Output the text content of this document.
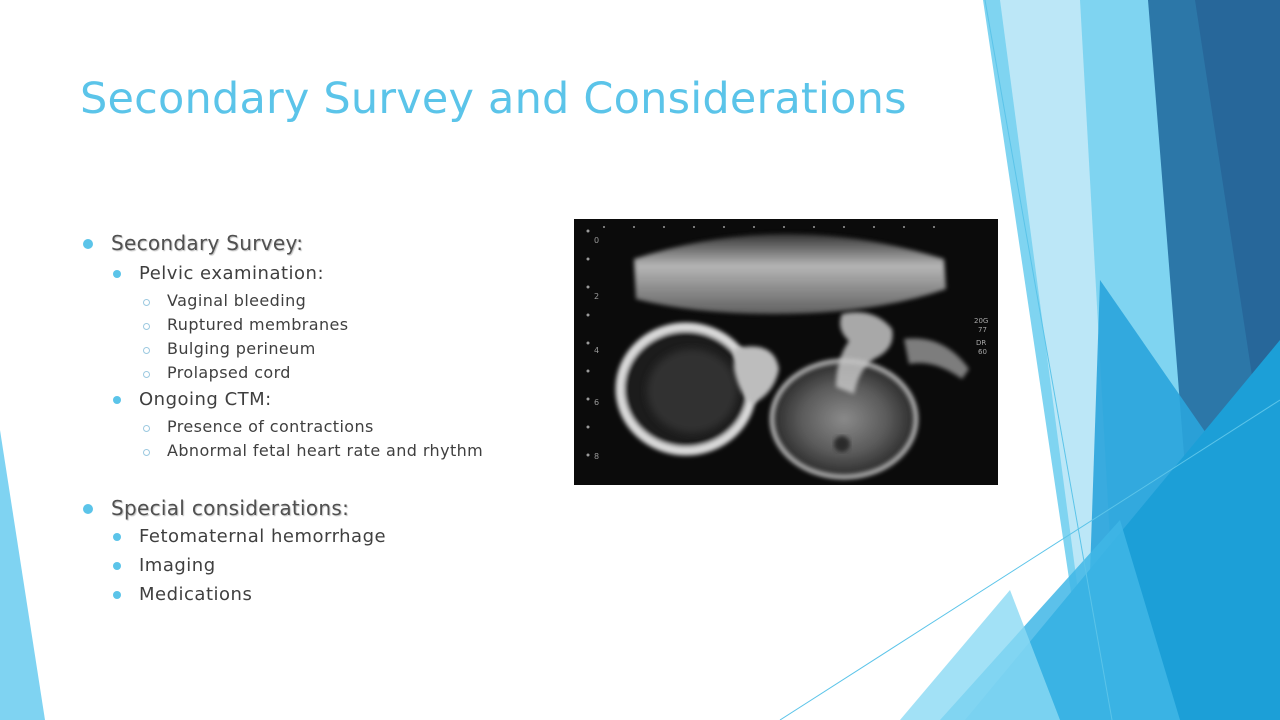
Secondary Survey and Considerations
Secondary Survey:
Pelvic examination:
Vaginal bleeding
Ruptured membranes
Bulging perineum
Prolapsed cord
Ongoing CTM:
Presence of contractions
Abnormal fetal heart rate and rhythm
Special considerations:
Fetomaternal hemorrhage
Imaging
Medications
0
2
4
6
8
20G
77
DR
60
